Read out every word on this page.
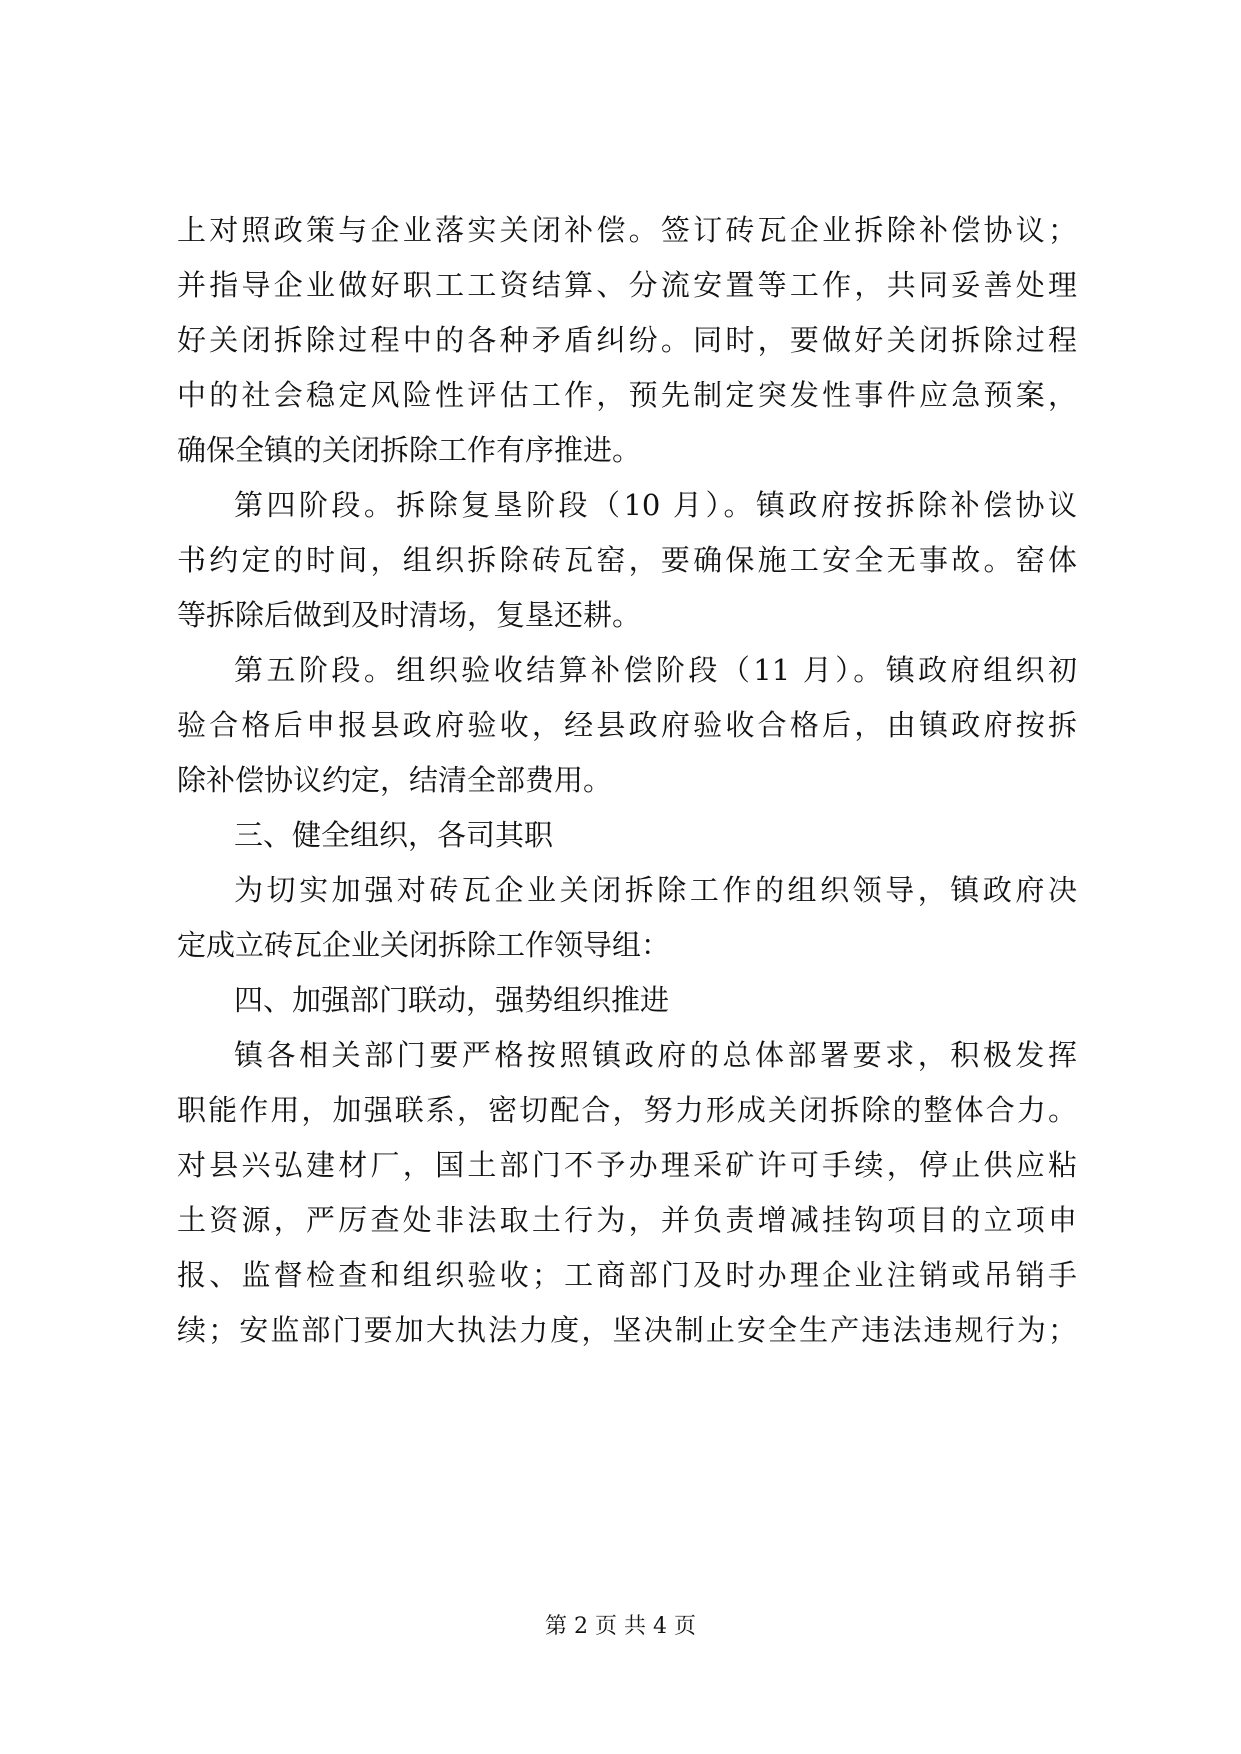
上对照政策与企业落实关闭补偿。签订砖瓦企业拆除补偿协议；
并指导企业做好职工工资结算、分流安置等工作，共同妥善处理
好关闭拆除过程中的各种矛盾纠纷。同时，要做好关闭拆除过程
中的社会稳定风险性评估工作，预先制定突发性事件应急预案，
确保全镇的关闭拆除工作有序推进。
第四阶段。拆除复垦阶段（10 月）。镇政府按拆除补偿协议
书约定的时间，组织拆除砖瓦窑，要确保施工安全无事故。窑体
等拆除后做到及时清场，复垦还耕。
第五阶段。组织验收结算补偿阶段（11 月）。镇政府组织初
验合格后申报县政府验收，经县政府验收合格后，由镇政府按拆
除补偿协议约定，结清全部费用。
三、健全组织，各司其职
为切实加强对砖瓦企业关闭拆除工作的组织领导，镇政府决
定成立砖瓦企业关闭拆除工作领导组：
四、加强部门联动，强势组织推进
镇各相关部门要严格按照镇政府的总体部署要求，积极发挥
职能作用，加强联系，密切配合，努力形成关闭拆除的整体合力。
对县兴弘建材厂，国土部门不予办理采矿许可手续，停止供应粘
土资源，严厉查处非法取土行为，并负责增减挂钩项目的立项申
报、监督检查和组织验收；工商部门及时办理企业注销或吊销手
续；安监部门要加大执法力度，坚决制止安全生产违法违规行为；
第 2 页 共 4 页
